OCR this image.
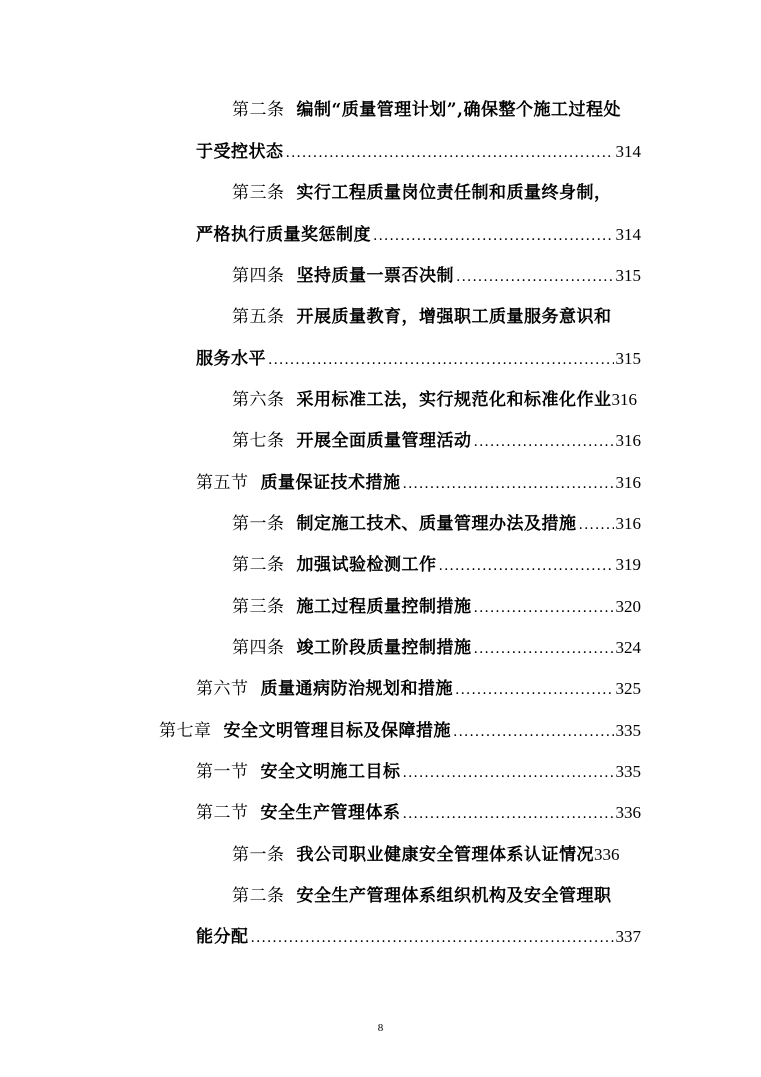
第二条 编制“质量管理计划”,确保整个施工过程处
于受控状态 .....	314
第三条 实行工程质量岗位责任制和质量终身制，
严格执行质量奖惩制度 .....	314
第四条 坚持质量一票否决制 .....	315
第五条 开展质量教育，增强职工质量服务意识和
服务水平 .....	315
第六条 采用标准工法，实行规范化和标准化作业316
第七条 开展全面质量管理活动 .....	316
第五节 质量保证技术措施 .....	316
第一条 制定施工技术、质量管理办法及措施 ..... 316
第二条 加强试验检测工作 .....	319
第三条 施工过程质量控制措施 .....	320
第四条 竣工阶段质量控制措施 .....	324
第六节 质量通病防治规划和措施 .....	325
第七章 安全文明管理目标及保障措施 .....	335
第一节 安全文明施工目标 .....	335
第二节 安全生产管理体系 .....	336
第一条 我公司职业健康安全管理体系认证情况336
第二条 安全生产管理体系组织机构及安全管理职
能分配 .....	337
8
